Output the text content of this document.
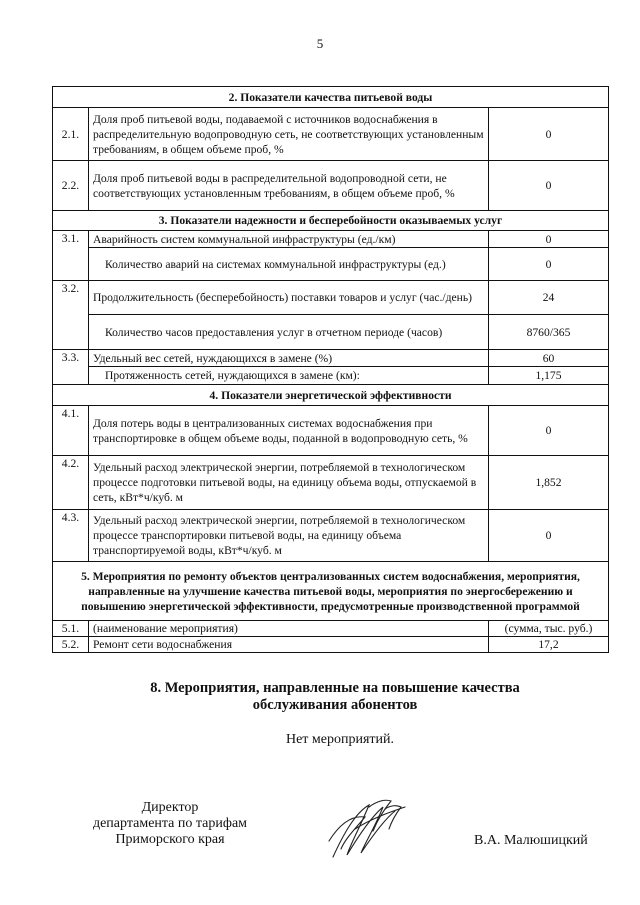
5
2. Показатели качества питьевой воды		
2.1.	Доля проб питьевой воды, подаваемой с источников водоснабжения в распределительную водопроводную сеть, не соответствующих установленным требованиям, в общем объеме проб, %	0
2.2.	Доля проб питьевой воды в распределительной водопроводной сети, не соответствующих установленным требованиям, в общем объеме проб, %	0
3. Показатели надежности и бесперебойности оказываемых услуг		
3.1.	Аварийность систем коммунальной инфраструктуры (ед./км)	0
	Количество аварий на системах коммунальной инфраструктуры (ед.)	0
3.2.	Продолжительность (бесперебойность) поставки товаров и услуг (час./день)	24
	Количество часов предоставления услуг в отчетном периоде (часов)	8760/365
3.3.	Удельный вес сетей, нуждающихся в замене (%)	60
	Протяженность сетей, нуждающихся в замене (км):	1,175
4. Показатели энергетической эффективности		
4.1.	Доля потерь воды в централизованных системах водоснабжения при транспортировке в общем объеме воды, поданной в водопроводную сеть, %	0
4.2.	Удельный расход электрической энергии, потребляемой в технологическом процессе подготовки питьевой воды, на единицу объема воды, отпускаемой в сеть, кВт*ч/куб. м	1,852
4.3.	Удельный расход электрической энергии, потребляемой в технологическом процессе транспортировки питьевой воды, на единицу объема транспортируемой воды, кВт*ч/куб. м	0
5. Мероприятия по ремонту объектов централизованных систем водоснабжения, мероприятия, направленные на улучшение качества питьевой воды, мероприятия по энергосбережению и повышению энергетической эффективности, предусмотренные производственной программой		
5.1.	(наименование мероприятия)	(сумма, тыс. руб.)
5.2.	Ремонт сети водоснабжения	17,2
8. Мероприятия, направленные на повышение качества
обслуживания абонентов
Нет мероприятий.
Директор
департамента по тарифам
Приморского края	В.А. Малюшицкий
